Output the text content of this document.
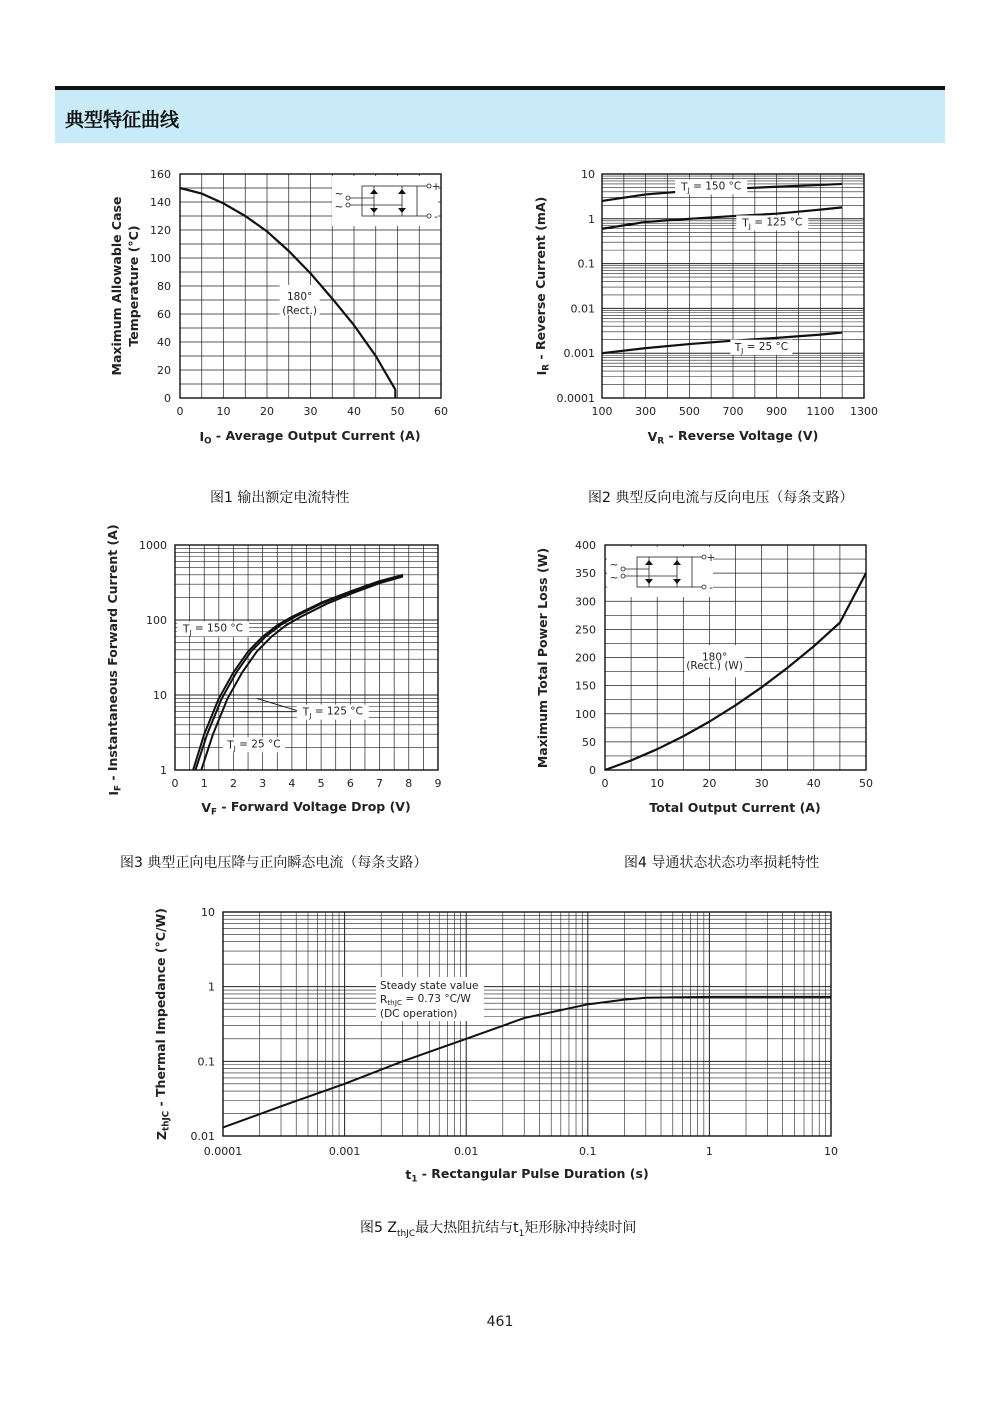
典型特征曲线
+
-
~
~
0	10	20	30	40	50	60
0
20
40
60
80
100
120
140
160
180°
(Rect.)
$I_O$ - Average Output Current (A)
Maximum Allowable Case Temperature (°C)
100 300 500 700 900 1100 1300
10
1
0.1
0.01
0.001
0.0001
$T_J = 150$ °C
$T_J = 125$ °C
$T_J = 25$ °C
$V_R$ - Reverse Voltage (V)
$I_R$ - Reverse Current (mA)
0 1 2 3 4 5 6 7 8 9
1000
100
10
1
$T_J = 150$ °C
$T_J = 125$ °C
$T_J = 25$ °C
$V_F$ - Forward Voltage Drop (V)
$I_F$ - Instantaneous Forward Current (A)	+
-
~
~
0	10	20	30	40	50
0
50
100
150
200
250
300
350
400
180°
(Rect.) (W)
Total Output Current (A)
Maximum Total Power Loss (W)
0.0001	0.001	0.01	0.1	1	10
10
1
0.1
0.01
Steady state value
$R_{thJC} = 0.73$ °C/W
(DC operation)
$t_1$ - Rectangular Pulse Duration (s)
$Z_{thJC}$ - Thermal Impedance (°C/W)
图1 输出额定电流特性	图2 典型反向电流与反向电压（每条支路）
图3 典型正向电压降与正向瞬态电流（每条支路）	图4 导通状态状态功率损耗特性
图5 $Z_{thJC}$最大热阻抗结与$t_1$矩形脉冲持续时间
461
